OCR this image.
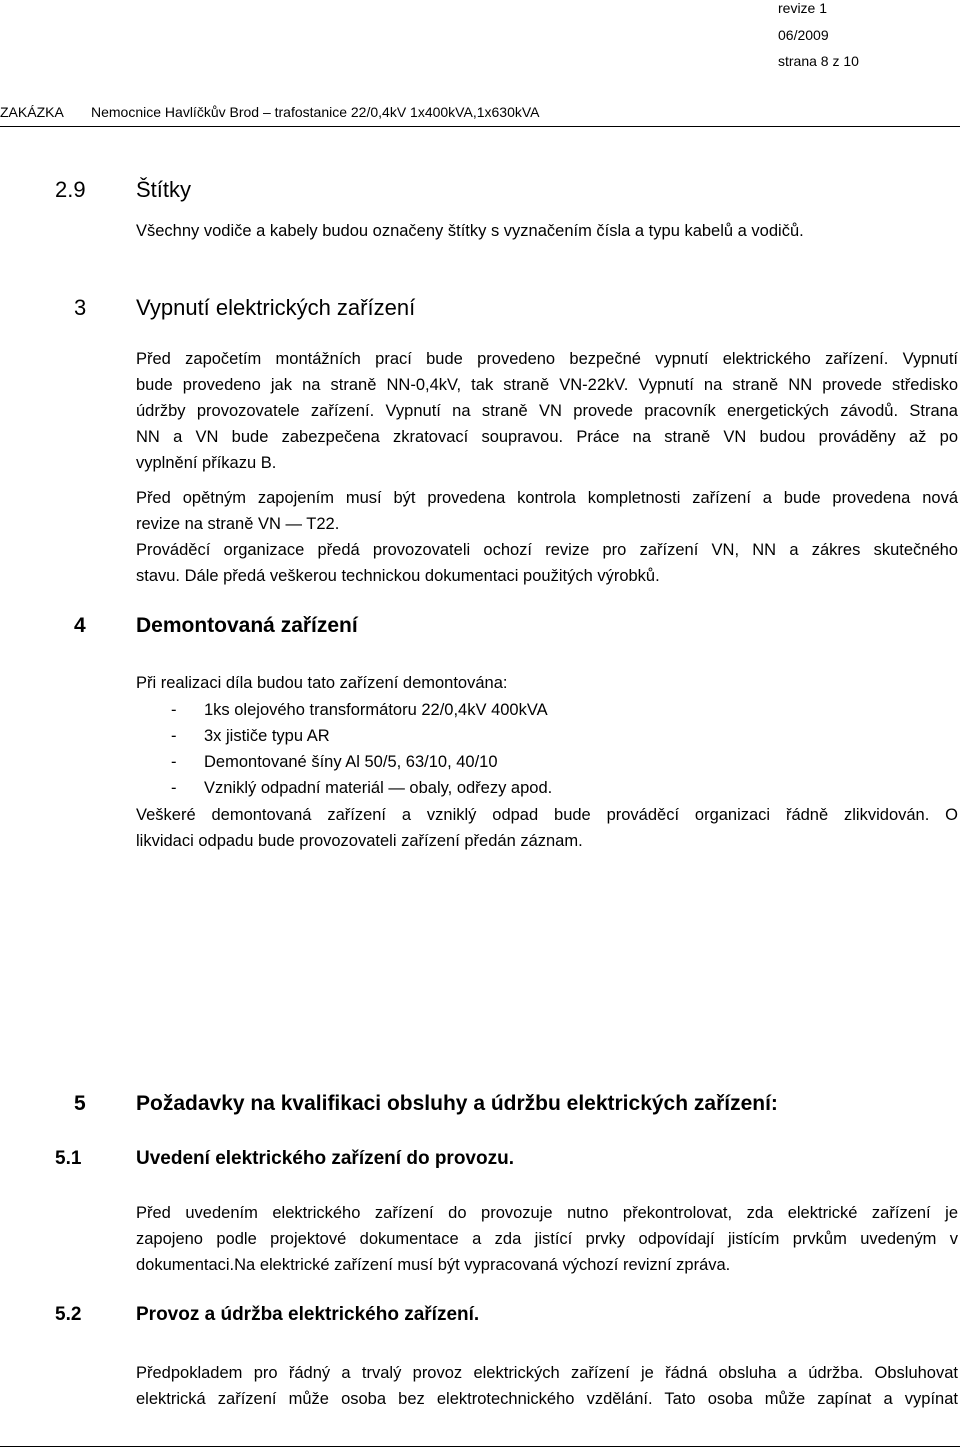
revize 1
06/2009
strana 8 z 10
ZAKÁZKA Nemocnice Havlíčkův Brod – trafostanice 22/0,4kV 1x400kVA,1x630kVA
2.9 Štítky
Všechny vodiče a kabely budou označeny štítky s vyznačením čísla a typu kabelů a vodičů.
3 Vypnutí elektrických zařízení
Před započetím montážních prací bude provedeno bezpečné vypnutí elektrického zařízení. Vypnutí
bude provedeno jak na straně NN-0,4kV, tak straně VN-22kV. Vypnutí na straně NN provede středisko
údržby provozovatele zařízení. Vypnutí na straně VN provede pracovník energetických závodů. Strana
NN a VN bude zabezpečena zkratovací soupravou. Práce na straně VN budou prováděny až po
vyplnění příkazu B.
Před opětným zapojením musí být provedena kontrola kompletnosti zařízení a bude provedena nová
revize na straně VN — T22.
Prováděcí organizace předá provozovateli ochozí revize pro zařízení VN, NN a zákres skutečného
stavu. Dále předá veškerou technickou dokumentaci použitých výrobků.
4 Demontovaná zařízení
Při realizaci díla budou tato zařízení demontována:
- 1ks olejového transformátoru 22/0,4kV 400kVA
- 3x jističe typu AR
- Demontované šíny Al 50/5, 63/10, 40/10
- Vzniklý odpadní materiál — obaly, odřezy apod.
Veškeré demontovaná zařízení a vzniklý odpad bude prováděcí organizaci řádně zlikvidován. O
likvidaci odpadu bude provozovateli zařízení předán záznam.
5 Požadavky na kvalifikaci obsluhy a údržbu elektrických zařízení:
5.1	Uvedení elektrického zařízení do provozu.
Před uvedením elektrického zařízení do provozuje nutno překontrolovat, zda elektrické zařízení je
zapojeno podle projektové dokumentace a zda jistící prvky odpovídají jistícím prvkům uvedeným v
dokumentaci.Na elektrické zařízení musí být vypracovaná výchozí revizní zpráva.
5.2	Provoz a údržba elektrického zařízení.
Předpokladem pro řádný a trvalý provoz elektrických zařízení je řádná obsluha a údržba. Obsluhovat
elektrická zařízení může osoba bez elektrotechnického vzdělání. Tato osoba může zapínat a vypínat
